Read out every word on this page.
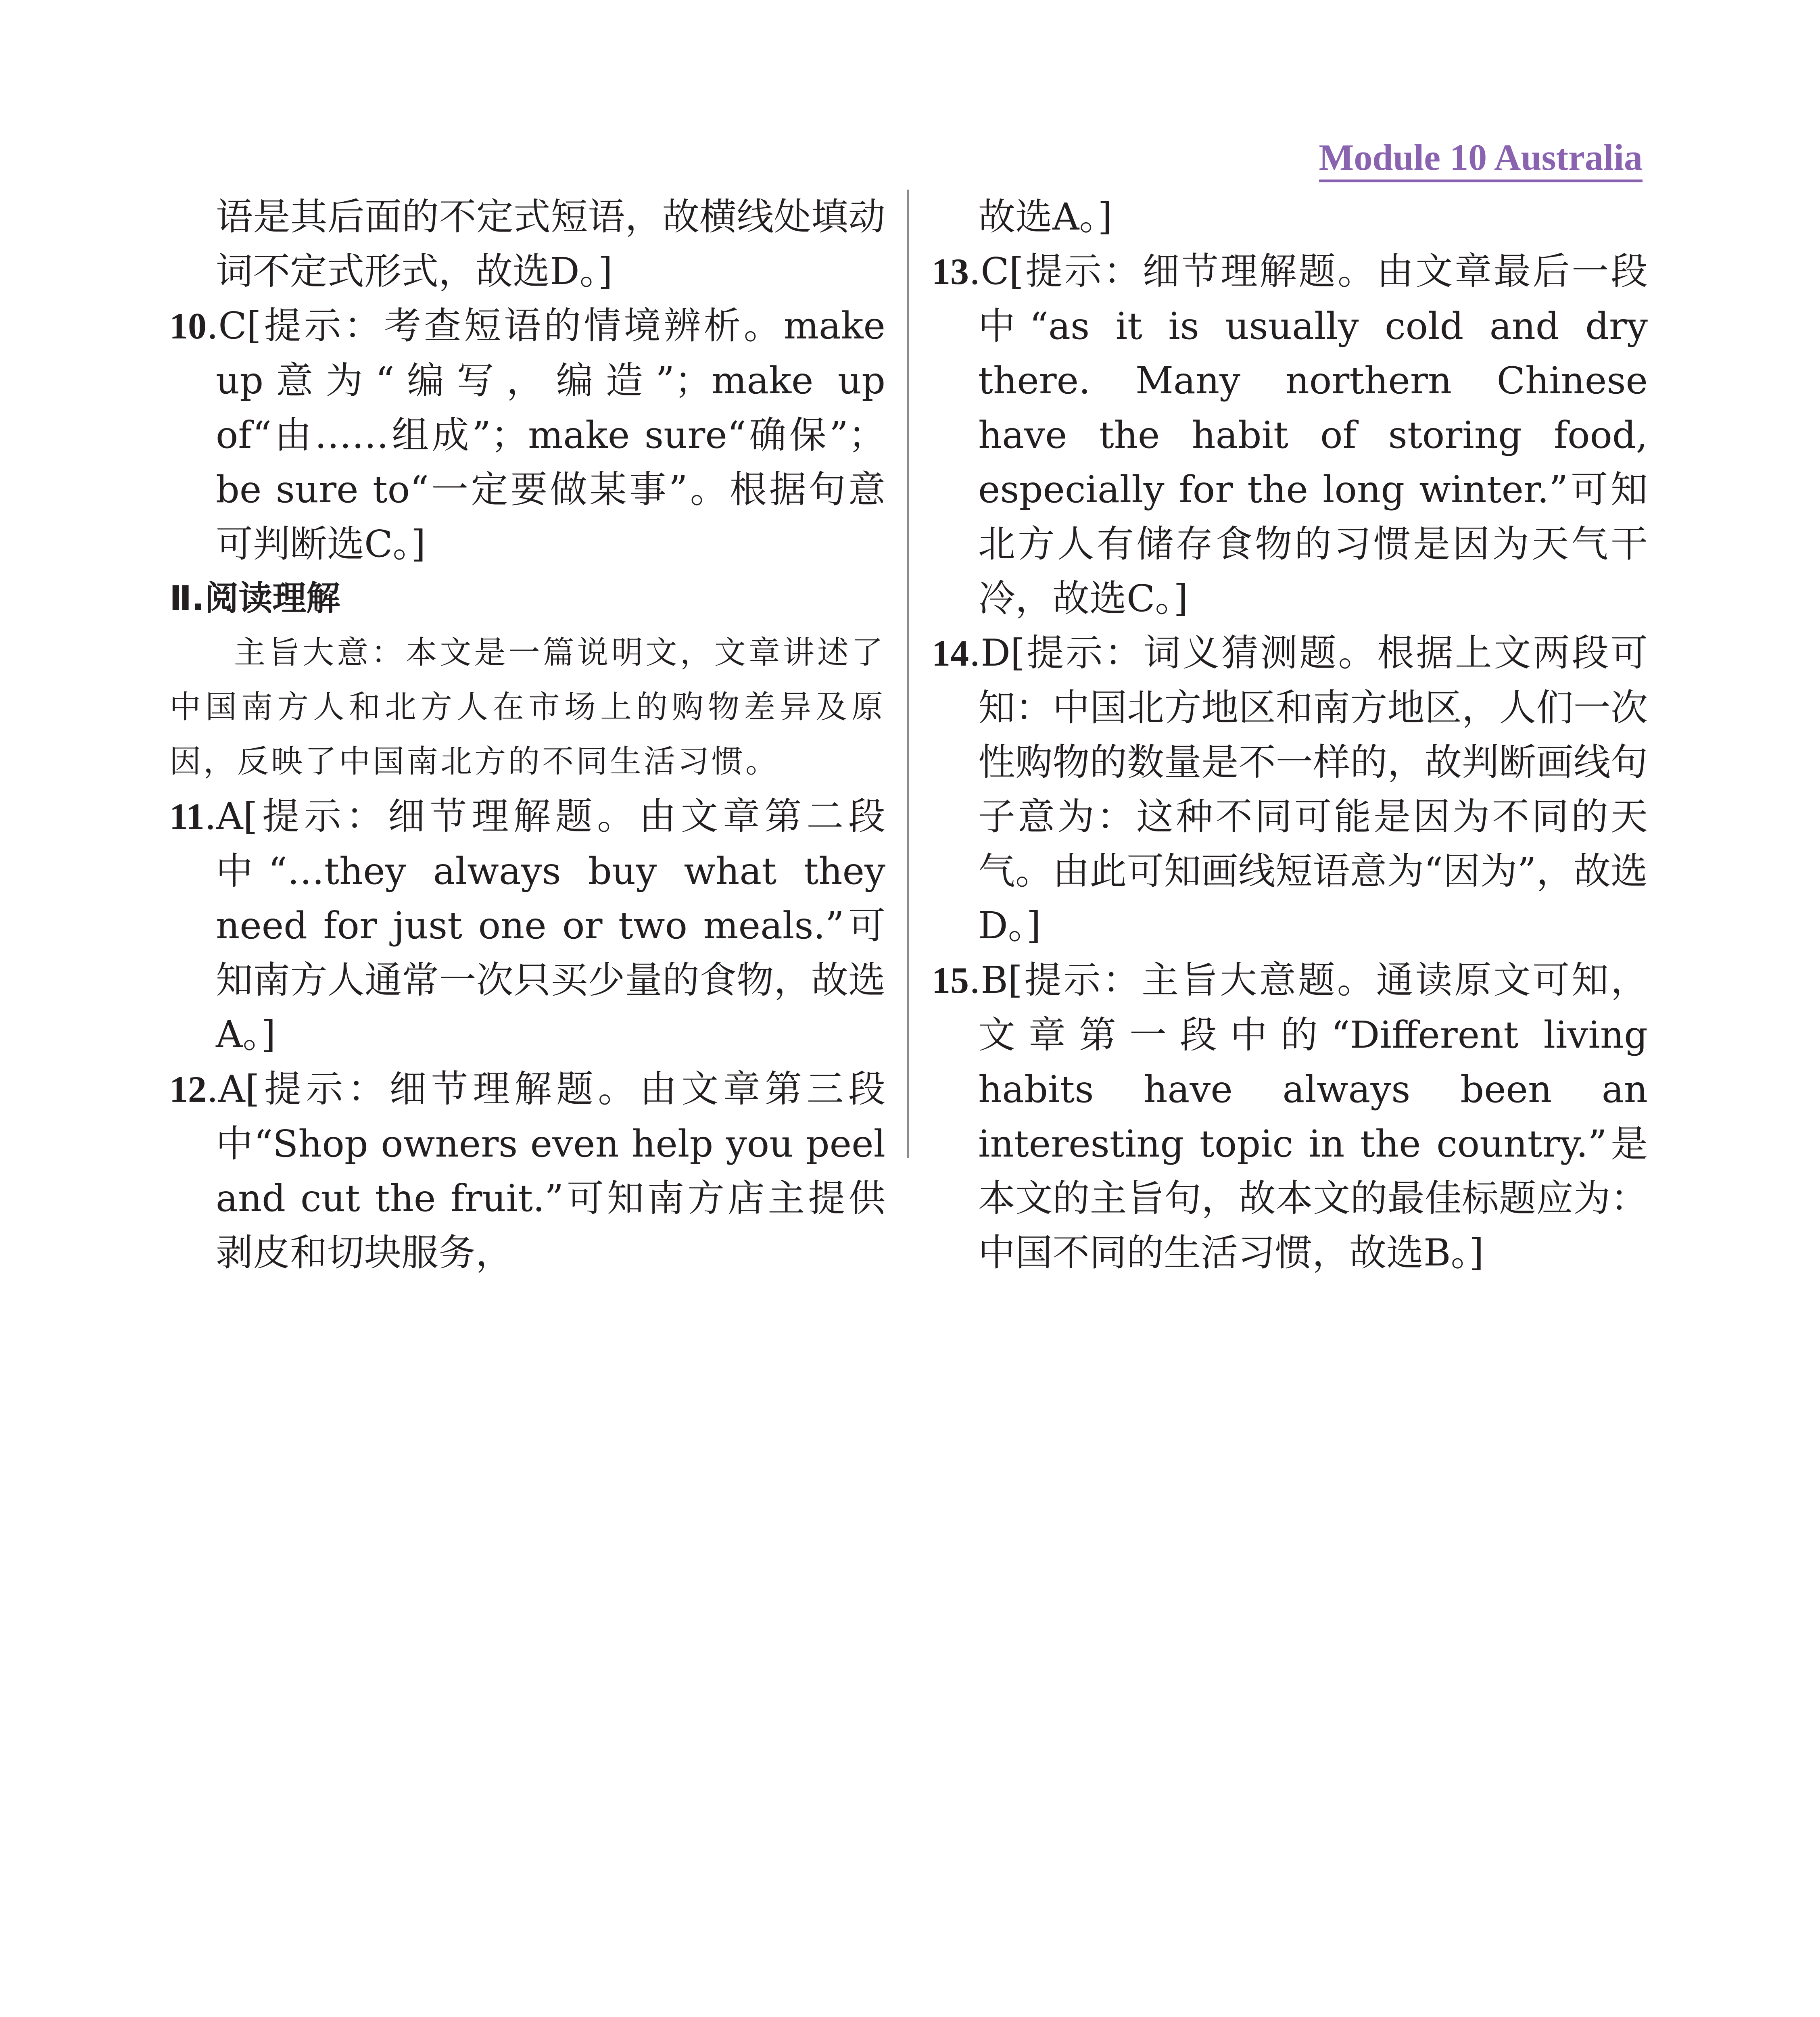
Module 10 Australia
语是其后面的不定式短语，故横线处填动词不定式形式，故选D。]
10.C[提示：考查短语的情境辨析。make up意为“编写，编造”；make up of“由……组成”；make sure“确保”；be sure to“一定要做某事”。根据句意可判断选C。]
Ⅱ.阅读理解
主旨大意：本文是一篇说明文，文章讲述了中国南方人和北方人在市场上的购物差异及原因，反映了中国南北方的不同生活习惯。
11.A[提示：细节理解题。由文章第二段中“…they always buy what they need for just one or two meals.”可知南方人通常一次只买少量的食物，故选A。]
12.A[提示：细节理解题。由文章第三段中“Shop owners even help you peel and cut the fruit.”可知南方店主提供剥皮和切块服务，
故选A。]
13.C[提示：细节理解题。由文章最后一段中“as it is usually cold and dry there. Many northern Chinese have the habit of storing food, especially for the long winter.”可知北方人有储存食物的习惯是因为天气干冷，故选C。]
14.D[提示：词义猜测题。根据上文两段可知：中国北方地区和南方地区，人们一次性购物的数量是不一样的，故判断画线句子意为：这种不同可能是因为不同的天气。由此可知画线短语意为“因为”，故选D。]
15.B[提示：主旨大意题。通读原文可知，文章第一段中的“Different living habits have always been an interesting topic in the country.”是本文的主旨句，故本文的最佳标题应为：中国不同的生活习惯，故选B。]
